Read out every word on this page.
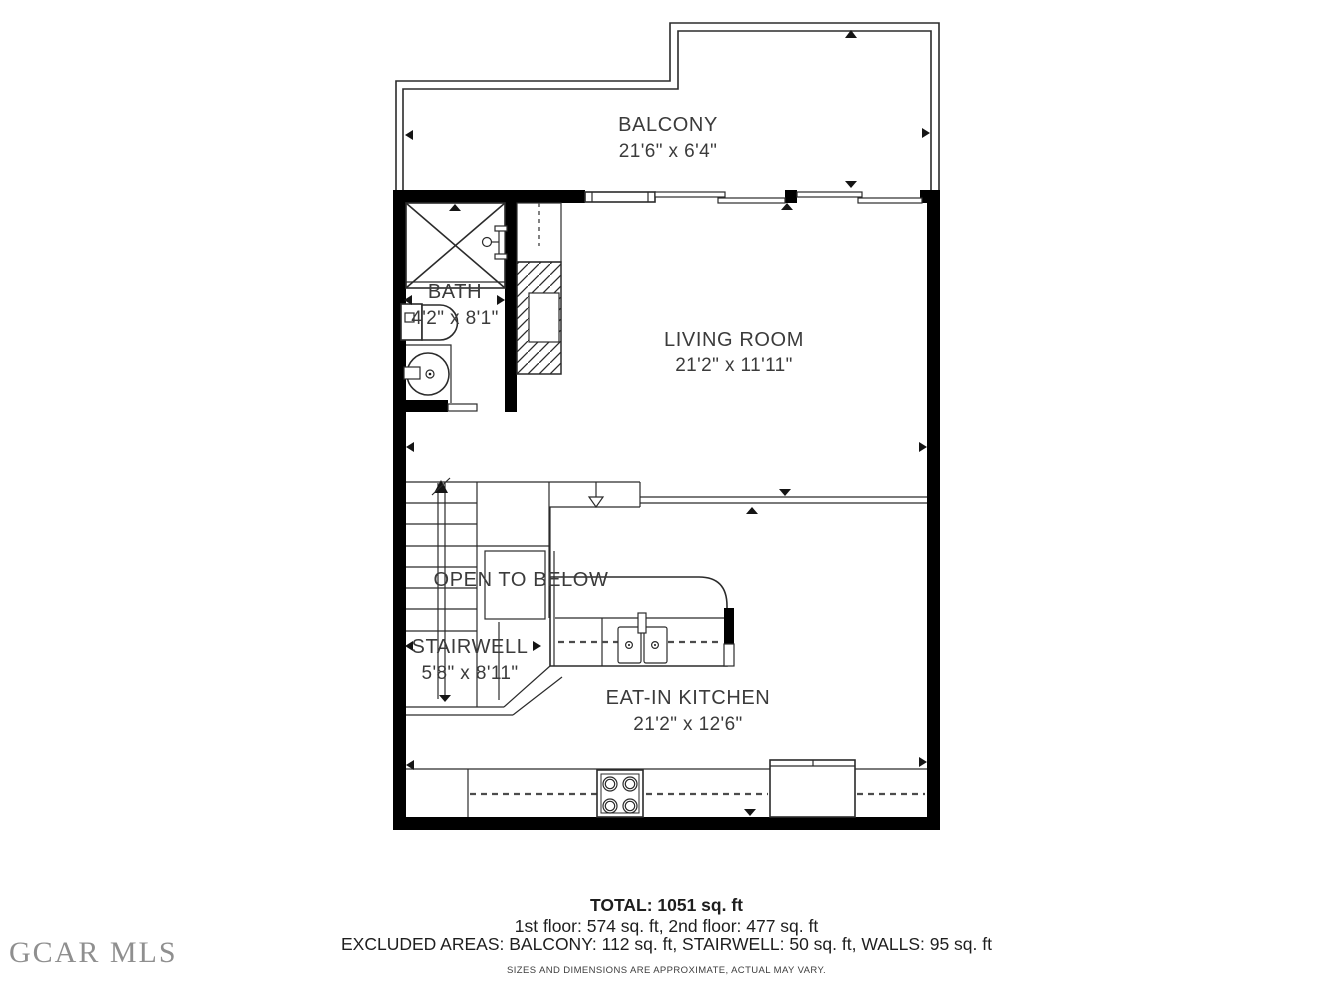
BALCONY
21'6" x 6'4"
BATH
4'2" x 8'1"
LIVING ROOM
21'2" x 11'11"
OPEN TO BELOW
STAIRWELL
5'8" x 8'11"
EAT-IN KITCHEN
21'2" x 12'6"
TOTAL: 1051 sq. ft
1st floor: 574 sq. ft, 2nd floor: 477 sq. ft
EXCLUDED AREAS: BALCONY: 112 sq. ft, STAIRWELL: 50 sq. ft, WALLS: 95 sq. ft
SIZES AND DIMENSIONS ARE APPROXIMATE, ACTUAL MAY VARY.
GCAR MLS
